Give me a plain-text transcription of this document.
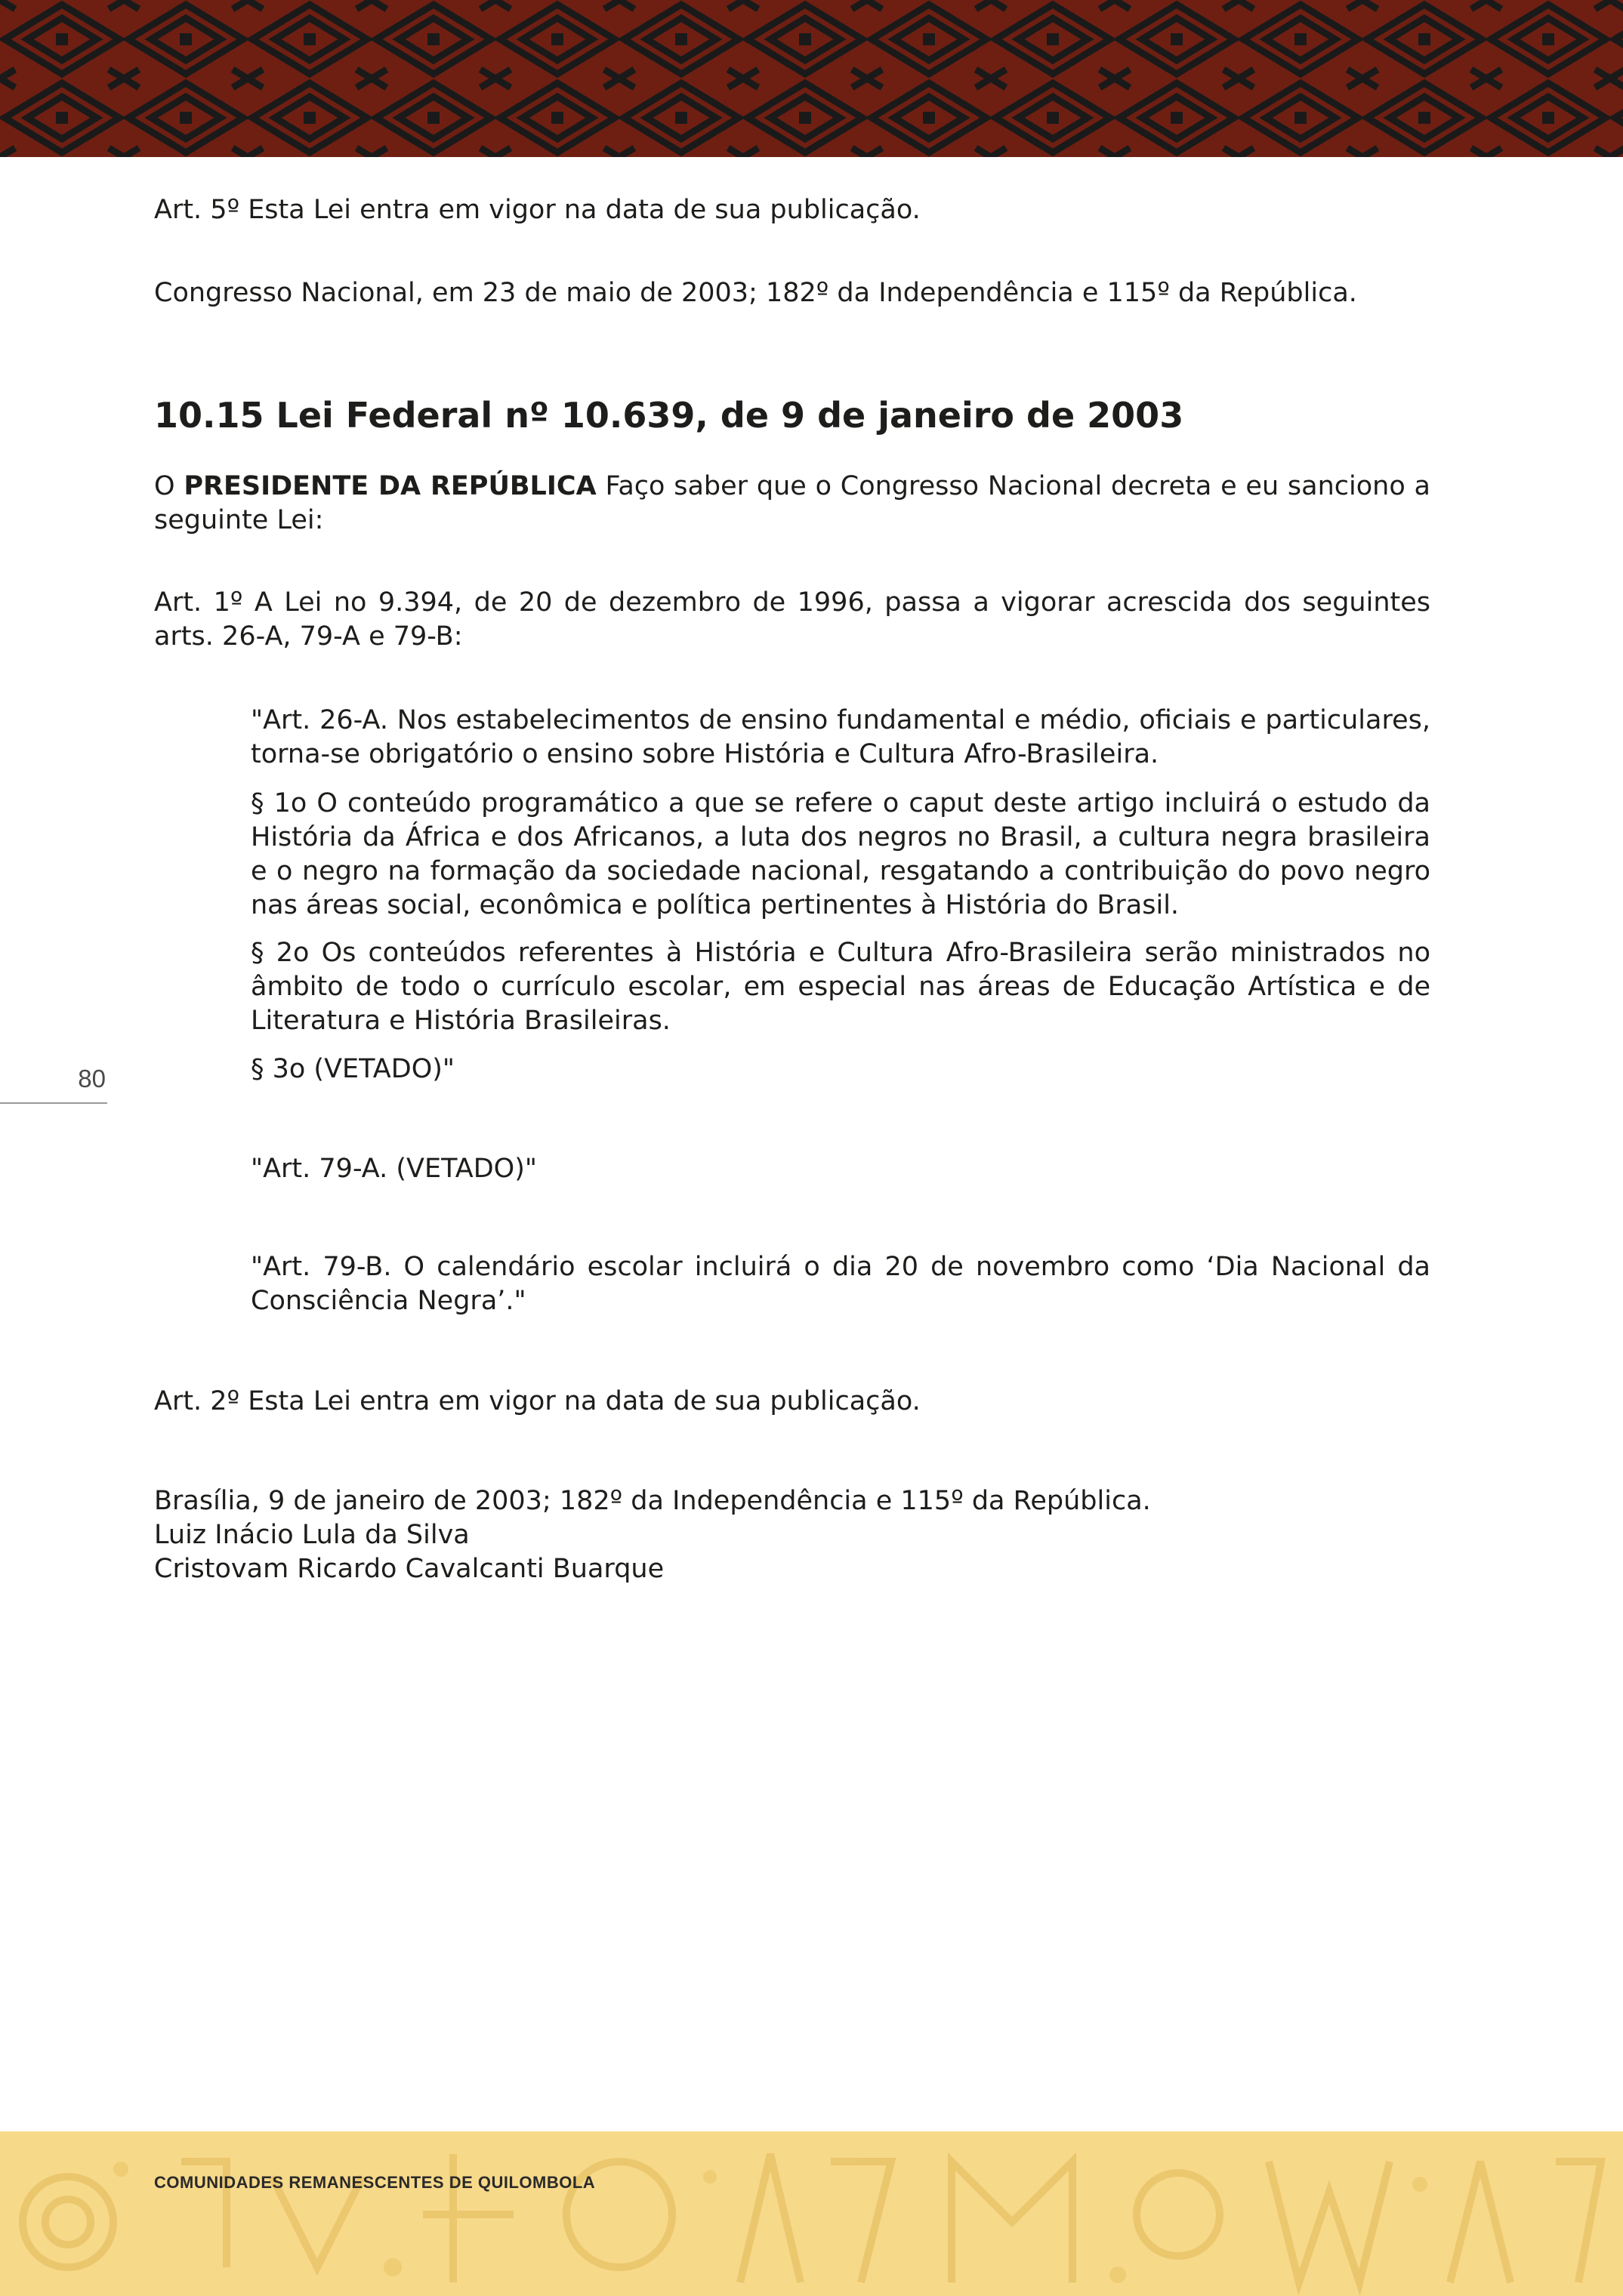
Art. 5º Esta Lei entra em vigor na data de sua publicação.

Congresso Nacional, em 23 de maio de 2003; 182º da Independência e 115º da República.

10.15 Lei Federal nº 10.639, de 9 de janeiro de 2003

O PRESIDENTE DA REPÚBLICA Faço saber que o Congresso Nacional decreta e eu sanciono a seguinte Lei:

Art. 1º A Lei no 9.394, de 20 de dezembro de 1996, passa a vigorar acrescida dos seguintes arts. 26-A, 79-A e 79-B:

"Art. 26-A. Nos estabelecimentos de ensino fundamental e médio, oficiais e particulares, torna-se obrigatório o ensino sobre História e Cultura Afro-Brasileira.

§ 1o O conteúdo programático a que se refere o caput deste artigo incluirá o estudo da História da África e dos Africanos, a luta dos negros no Brasil, a cultura negra brasileira e o negro na formação da sociedade nacional, resgatando a contribuição do povo negro nas áreas social, econômica e política pertinentes à História do Brasil.

§ 2o Os conteúdos referentes à História e Cultura Afro-Brasileira serão ministrados no âmbito de todo o currículo escolar, em especial nas áreas de Educação Artística e de Literatura e História Brasileiras.

§ 3o (VETADO)"

"Art. 79-A. (VETADO)"

"Art. 79-B. O calendário escolar incluirá o dia 20 de novembro como ‘Dia Nacional da Consciência Negra’."

Art. 2º Esta Lei entra em vigor na data de sua publicação.

Brasília, 9 de janeiro de 2003; 182º da Independência e 115º da República.

Luiz Inácio Lula da Silva

Cristovam Ricardo Cavalcanti Buarque

80
COMUNIDADES REMANESCENTES DE QUILOMBOLA
